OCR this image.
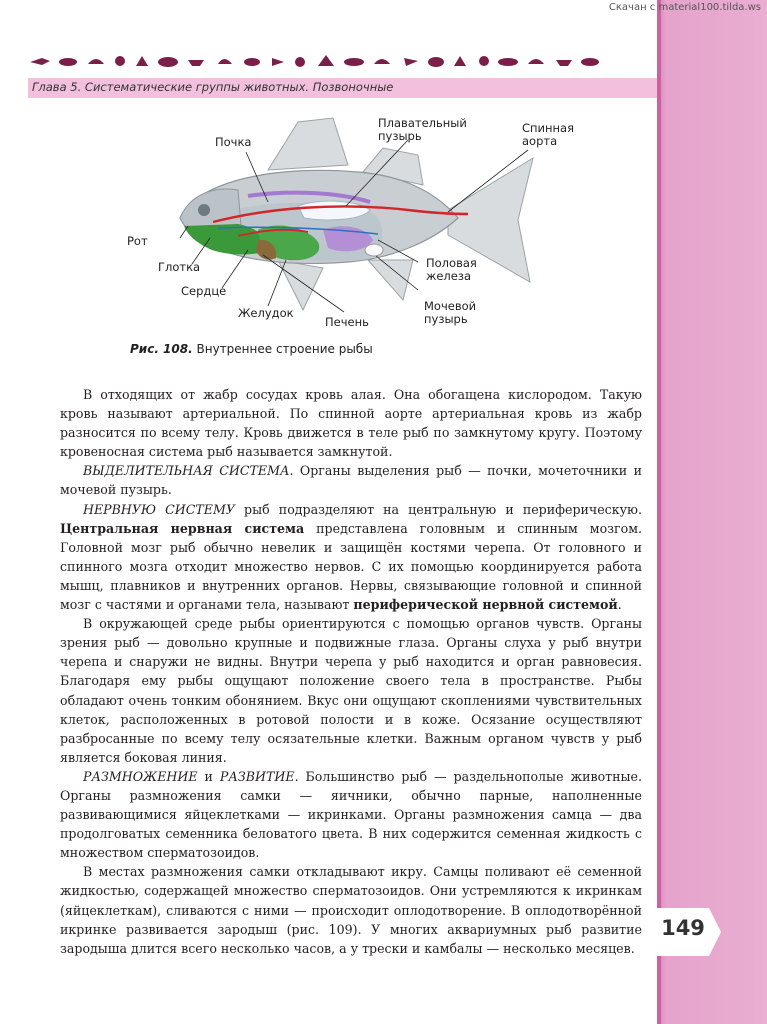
Скачан с material100.tilda.ws
Глава 5. Систематические группы животных. Позвоночные
Почка
Плавательный пузырь
Спинная аорта
Рот
Глотка
Сердце
Желудок
Печень
Половая железа
Мочевой пузырь
Рис. 108. Внутреннее строение рыбы

В отходящих от жабр сосудах кровь алая. Она обогащена кислородом. Такую кровь называют артериальной. По спинной аорте артериальная кровь из жабр разносится по всему телу. Кровь движется в теле рыб по замкнутому кругу. Поэтому кровеносная система рыб называется замкнутой.

ВЫДЕЛИТЕЛЬНАЯ СИСТЕМА. Органы выделения рыб — почки, мочеточники и мочевой пузырь.

НЕРВНУЮ СИСТЕМУ рыб подразделяют на центральную и периферическую. Центральная нервная система представлена головным и спинным мозгом. Головной мозг рыб обычно невелик и защищён костями черепа. От головного и спинного мозга отходит множество нервов. С их помощью координируется работа мышц, плавников и внутренних органов. Нервы, связывающие головной и спинной мозг с частями и органами тела, называют периферической нервной системой.

В окружающей среде рыбы ориентируются с помощью органов чувств. Органы зрения рыб — довольно крупные и подвижные глаза. Органы слуха у рыб внутри черепа и снаружи не видны. Внутри черепа у рыб находится и орган равновесия. Благодаря ему рыбы ощущают положение своего тела в пространстве. Рыбы обладают очень тонким обонянием. Вкус они ощущают скоплениями чувствительных клеток, расположенных в ротовой полости и в коже. Осязание осуществляют разбросанные по всему телу осязательные клетки. Важным органом чувств у рыб является боковая линия.

РАЗМНОЖЕНИЕ и РАЗВИТИЕ. Большинство рыб — раздельнополые животные. Органы размножения самки — яичники, обычно парные, наполненные развивающимися яйцеклетками — икринками. Органы размножения самца — два продолговатых семенника беловатого цвета. В них содержится семенная жидкость с множеством сперматозоидов.

В местах размножения самки откладывают икру. Самцы поливают её семенной жидкостью, содержащей множество сперматозоидов. Они устремляются к икринкам (яйцеклеткам), сливаются с ними — происходит оплодотворение. В оплодотворённой икринке развивается зародыш (рис. 109). У многих аквариумных рыб развитие зародыша длится всего несколько часов, а у трески и камбалы — несколько месяцев.

149
